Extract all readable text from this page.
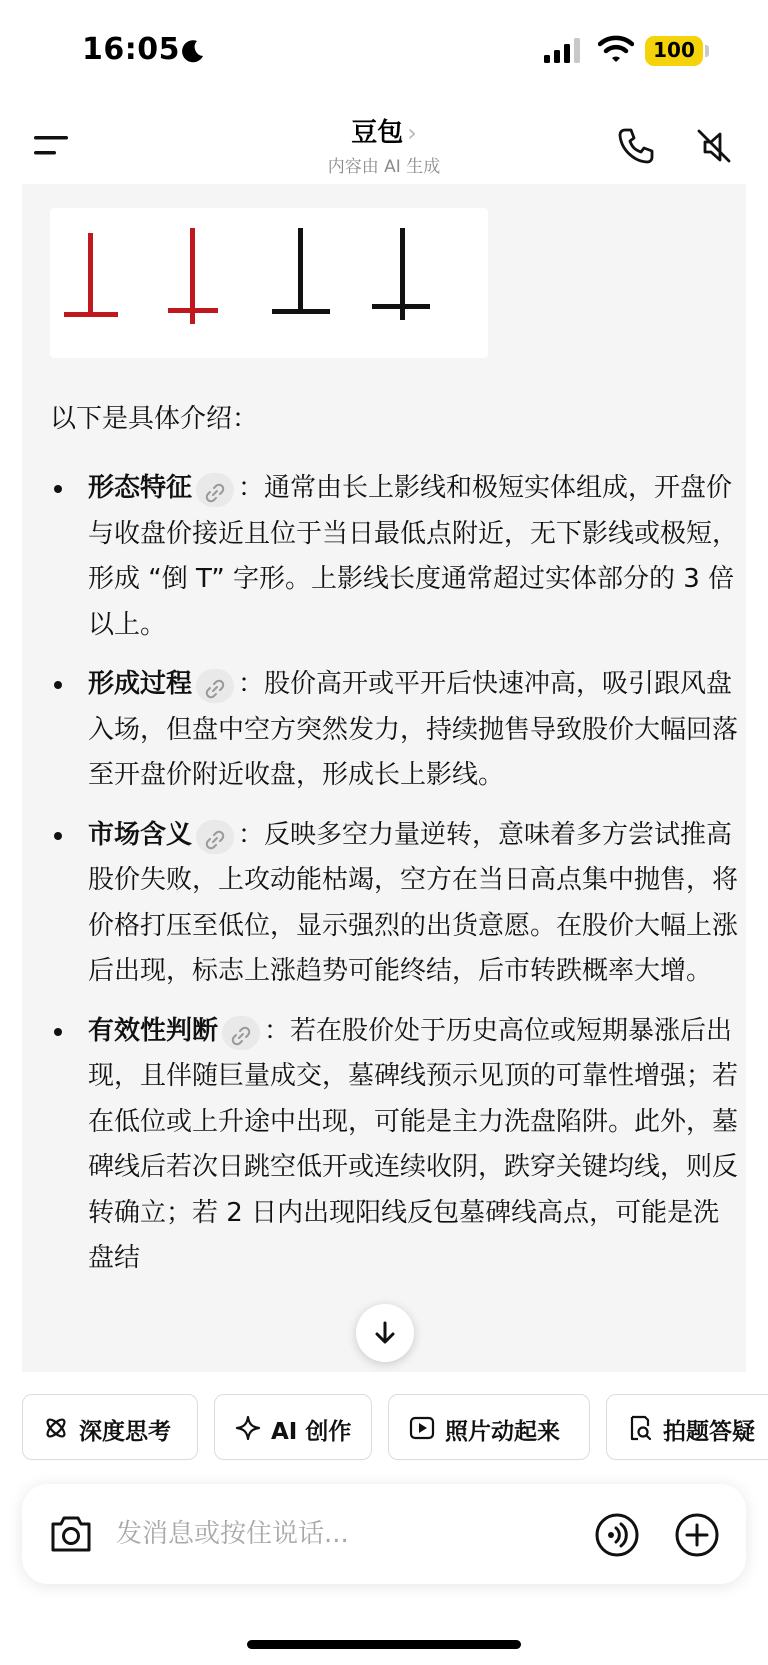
16:05	100
豆包 ›
内容由 AI 生成
以下是具体介绍：
形态特征 ：通常由长上影线和极短实体组成，开盘价与收盘价接近且位于当日最低点附近，无下影线或极短，形成 “倒 T” 字形。上影线长度通常超过实体部分的 3 倍以上。
形成过程 ：股价高开或平开后快速冲高，吸引跟风盘入场，但盘中空方突然发力，持续抛售导致股价大幅回落至开盘价附近收盘，形成长上影线。
市场含义 ：反映多空力量逆转，意味着多方尝试推高股价失败，上攻动能枯竭，空方在当日高点集中抛售，将价格打压至低位，显示强烈的出货意愿。在股价大幅上涨后出现，标志上涨趋势可能终结，后市转跌概率大增。
有效性判断 ：若在股价处于历史高位或短期暴涨后出现，且伴随巨量成交，墓碑线预示见顶的可靠性增强；若在低位或上升途中出现，可能是主力洗盘陷阱。此外，墓碑线后若次日跳空低开或连续收阴，跌穿关键均线，则反转确立；若 2 日内出现阳线反包墓碑线高点，可能是洗盘结
深度思考	AI 创作	照片动起来	拍题答疑
发消息或按住说话...
